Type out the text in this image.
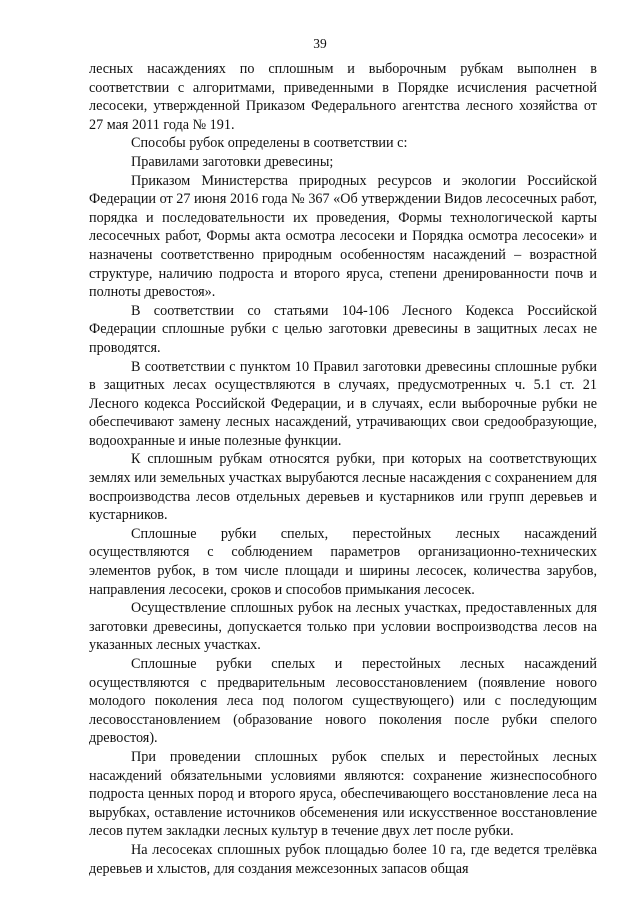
39

лесных насаждениях по сплошным и выборочным рубкам выполнен в соответствии с алгоритмами, приведенными в Порядке исчисления расчетной лесосеки, утвержденной Приказом Федерального агентства лесного хозяйства от 27 мая 2011 года № 191.

Способы рубок определены в соответствии с:

Правилами заготовки древесины;

Приказом Министерства природных ресурсов и экологии Российской Федерации от 27 июня 2016 года № 367 «Об утверждении Видов лесосечных работ, порядка и последовательности их проведения, Формы технологической карты лесосечных работ, Формы акта осмотра лесосеки и Порядка осмотра лесосеки» и назначены соответственно природным особенностям насаждений – возрастной структуре, наличию подроста и второго яруса, степени дренированности почв и полноты древостоя».

В соответствии со статьями 104-106 Лесного Кодекса Российской Федерации сплошные рубки с целью заготовки древесины в защитных лесах не проводятся.

В соответствии с пунктом 10 Правил заготовки древесины сплошные рубки в защитных лесах осуществляются в случаях, предусмотренных ч. 5.1 ст. 21 Лесного кодекса Российской Федерации, и в случаях, если выборочные рубки не обеспечивают замену лесных насаждений, утрачивающих свои средообразующие, водоохранные и иные полезные функции.

К сплошным рубкам относятся рубки, при которых на соответствующих землях или земельных участках вырубаются лесные насаждения с сохранением для воспроизводства лесов отдельных деревьев и кустарников или групп деревьев и кустарников.

Сплошные рубки спелых, перестойных лесных насаждений осуществляются с соблюдением параметров организационно-технических элементов рубок, в том числе площади и ширины лесосек, количества зарубов, направления лесосеки, сроков и способов примыкания лесосек.

Осуществление сплошных рубок на лесных участках, предоставленных для заготовки древесины, допускается только при условии воспроизводства лесов на указанных лесных участках.

Сплошные рубки спелых и перестойных лесных насаждений осуществляются с предварительным лесовосстановлением (появление нового молодого поколения леса под пологом существующего) или с последующим лесовосстановлением (образование нового поколения после рубки спелого древостоя).

При проведении сплошных рубок спелых и перестойных лесных насаждений обязательными условиями являются: сохранение жизнеспособного подроста ценных пород и второго яруса, обеспечивающего восстановление леса на вырубках, оставление источников обсеменения или искусственное восстановление лесов путем закладки лесных культур в течение двух лет после рубки.

На лесосеках сплошных рубок площадью более 10 га, где ведется трелёвка деревьев и хлыстов, для создания межсезонных запасов общая
